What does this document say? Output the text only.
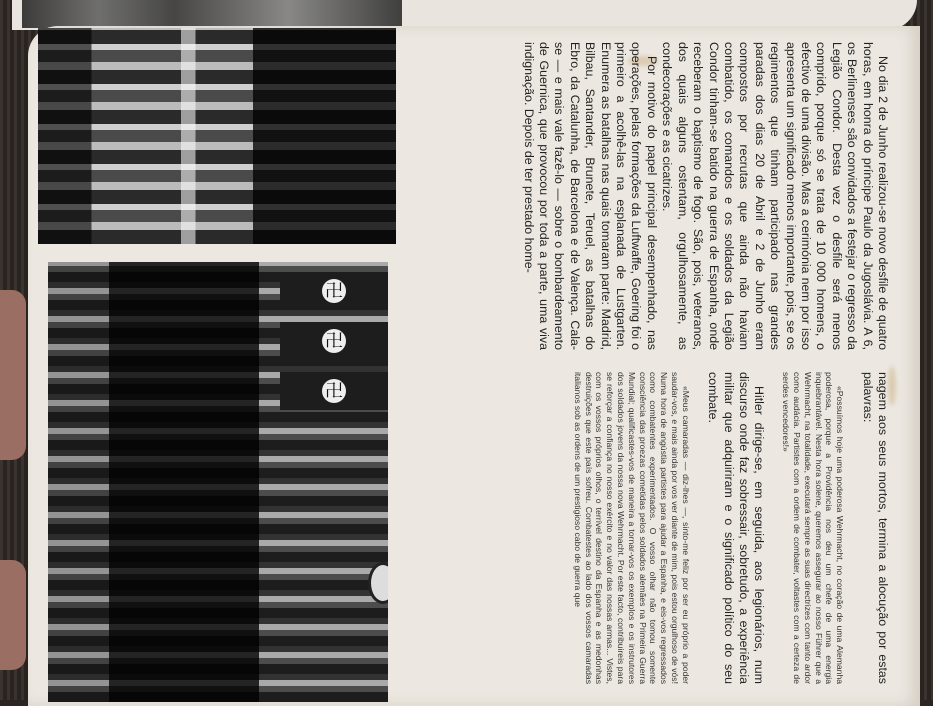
卍
卍
卍

No dia 2 de Junho realizou-se novo desfile de quatro horas, em honra do príncipe Paulo da Jugoslávia. A 6, os Berlinenses são convidados a festejar o regresso da Legião Condor. Desta vez o desfile será menos comprido, porque só se trata de 10 000 homens, o efectivo de uma divisão. Mas a cerimónia nem por isso apresenta um significado menos importante, pois, se os regimentos que tinham participado nas grandes paradas dos dias 20 de Abril e 2 de Junho eram compostos por recrutas que ainda não haviam combatido, os comandos e os soldados da Legião Condor tinham-se batido na guerra de Espanha, onde receberam o baptismo de fogo. São, pois, veteranos, dos quais alguns ostentam, orgulhosamente, as condecorações e as cicatrizes.

Por motivo do papel principal desempenhado, nas operações, pelas formações da Luftwaffe, Goering foi o primeiro a acolhê-las na esplanada de Lustgarten. Enumera as batalhas nas quais tomaram parte: Madrid, Bilbau, Santander, Brunete, Teruel, as batalhas do Ebro, da Catalunha, de Barcelona e de Valença. Cala-se — e mais vale fazê-lo — sobre o bombardeamento de Guernica, que provocou por toda a parte, uma viva indignação. Depois de ter prestado home-

nagem aos seus mortos, termina a alocução por estas palavras:

«Possuímos hoje uma poderosa Wehrmacht, no coração de uma Alemanha poderosa, porque a Providência nos deu um chefe de uma energia inquebrantável. Nesta hora solene, queremos assegurar ao nosso Führer que a Wehrmacht, na totalidade, executará sempre as suas directrizes com tanto ardor como audácia. Partistes com a ordem de combater, voltastes com a certeza de serdes vencedores!»

Hitler dirige-se, em seguida, aos legionários, num discurso onde faz sobressair, sobretudo, a experiência militar que adquiriram e o significado político do seu combate.

«Meus camaradas — diz-lhes —, sinto-me feliz por ser eu próprio a poder saudar-vos, e mais ainda por vos ver diante de mim, pois estou orgulhoso de vós! Numa hora de angústia partistes para ajudar a Espanha, e eis-vos regressados como combatentes experimentados. O vosso olhar não tomou somente consciência das proezas cometidas pelos soldados alemães na Primeira Guerra Mundial; qualificastes-vos de maneira a tornar-vos os exemplos e os instrutores dos soldados jovens da nossa nova Wehrmacht. Por este facto, contribuireis para se reforçar a confiança no nosso exército e no valor das nossas armas... Vistes, com os vossos próprios olhos, o terrível destino da Espanha e as medonhas destruições que este país sofreu. Combatestes ao lado dos vossos camaradas italianos sob as ordens de um prestigioso cabo de guerra que
